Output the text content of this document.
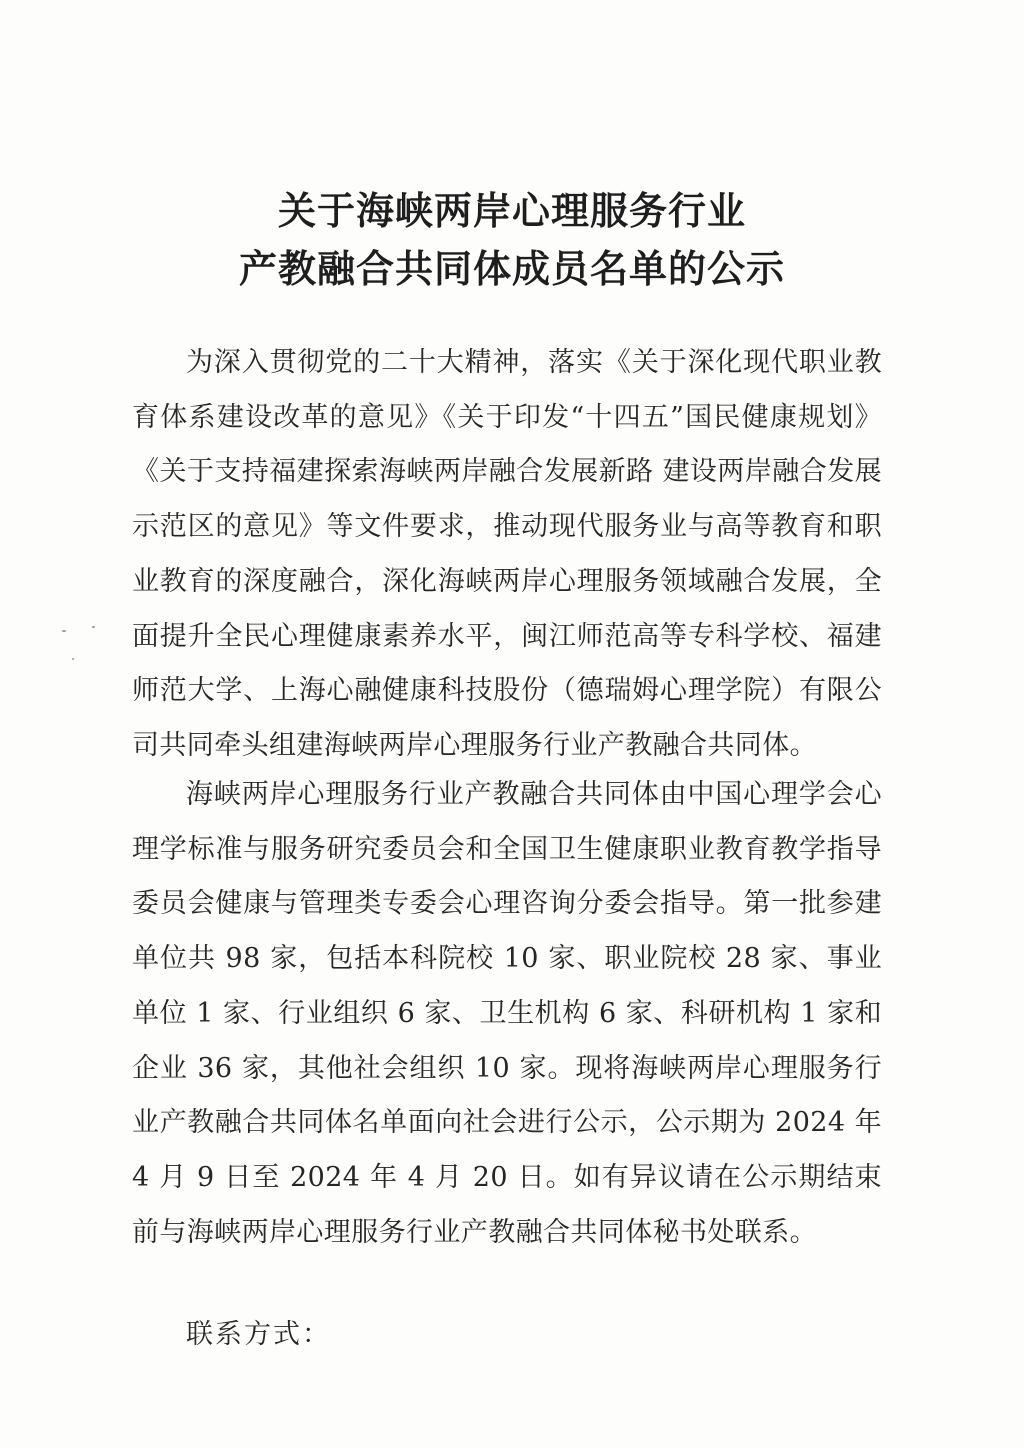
关于海峡两岸心理服务行业
产教融合共同体成员名单的公示

为深入贯彻党的二十大精神，落实《关于深化现代职业教育体系建设改革的意见》《关于印发“十四五”国民健康规划》《关于支持福建探索海峡两岸融合发展新路 建设两岸融合发展示范区的意见》等文件要求，推动现代服务业与高等教育和职业教育的深度融合，深化海峡两岸心理服务领域融合发展，全面提升全民心理健康素养水平，闽江师范高等专科学校、福建师范大学、上海心融健康科技股份（德瑞姆心理学院）有限公司共同牵头组建海峡两岸心理服务行业产教融合共同体。

海峡两岸心理服务行业产教融合共同体由中国心理学会心理学标准与服务研究委员会和全国卫生健康职业教育教学指导委员会健康与管理类专委会心理咨询分委会指导。第一批参建单位共 98 家，包括本科院校 10 家、职业院校 28 家、事业单位 1 家、行业组织 6 家、卫生机构 6 家、科研机构 1 家和企业 36 家，其他社会组织 10 家。现将海峡两岸心理服务行业产教融合共同体名单面向社会进行公示，公示期为 2024 年 4 月 9 日至 2024 年 4 月 20 日。如有异议请在公示期结束前与海峡两岸心理服务行业产教融合共同体秘书处联系。

联系方式：
